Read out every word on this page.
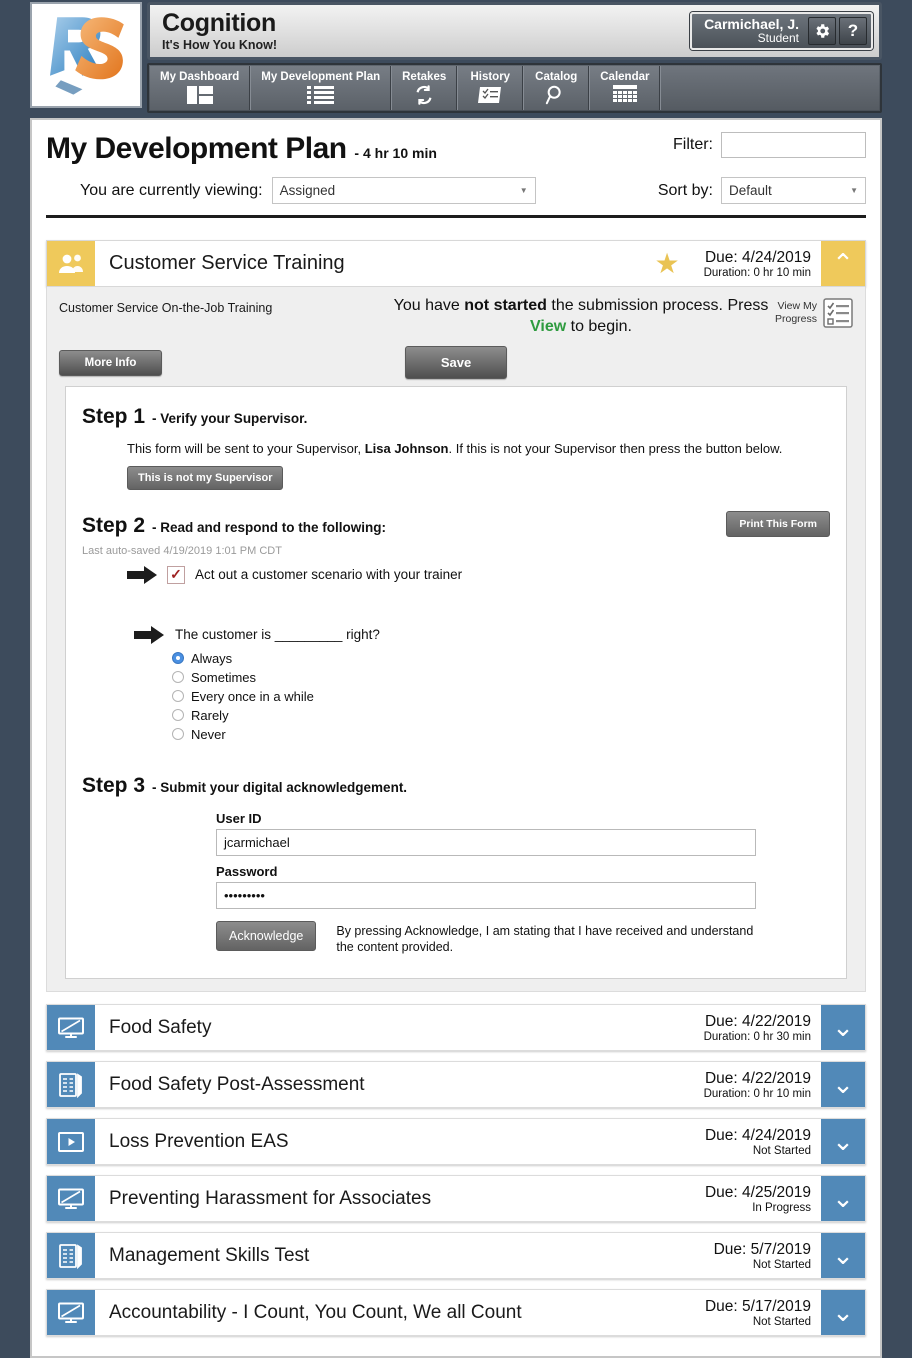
Cognition
It's How You Know!
Carmichael, J.
Student	?
My Dashboard My Development Plan Retakes History Catalog Calendar
My Development Plan - 4 hr 10 min	Filter:
You are currently viewing: Assigned	▼	Sort by: Default	▼
Customer Service Training	★	Due: 4/24/2019
Duration: 0 hr 10 min ⌃
Customer Service On-the-Job Training	You have not started the submission process. Press View to begin.
View My
Progress
More Info	Save
Step 1 - Verify your Supervisor.
This form will be sent to your Supervisor, Lisa Johnson. If this is not your Supervisor then press the button below.
This is not my Supervisor
Step 2 - Read and respond to the following:	Print This Form
Last auto-saved 4/19/2019 1:01 PM CDT
✓ Act out a customer scenario with your trainer
The customer is _________ right?
Always
Sometimes
Every once in a while
Rarely
Never
Step 3 - Submit your digital acknowledgement.
User ID
jcarmichael
Password
•••••••••
Acknowledge	By pressing Acknowledge, I am stating that I have received and understand the content provided.
Food Safety	Due: 4/22/2019
Duration: 0 hr 30 min ⌄
Food Safety Post-Assessment	Due: 4/22/2019
Duration: 0 hr 10 min ⌄
Loss Prevention EAS	Due: 4/24/2019
Not Started ⌄
Preventing Harassment for Associates	Due: 4/25/2019
In Progress ⌄
Management Skills Test	Due: 5/7/2019
Not Started ⌄
Accountability - I Count, You Count, We all Count	Due: 5/17/2019
Not Started ⌄
